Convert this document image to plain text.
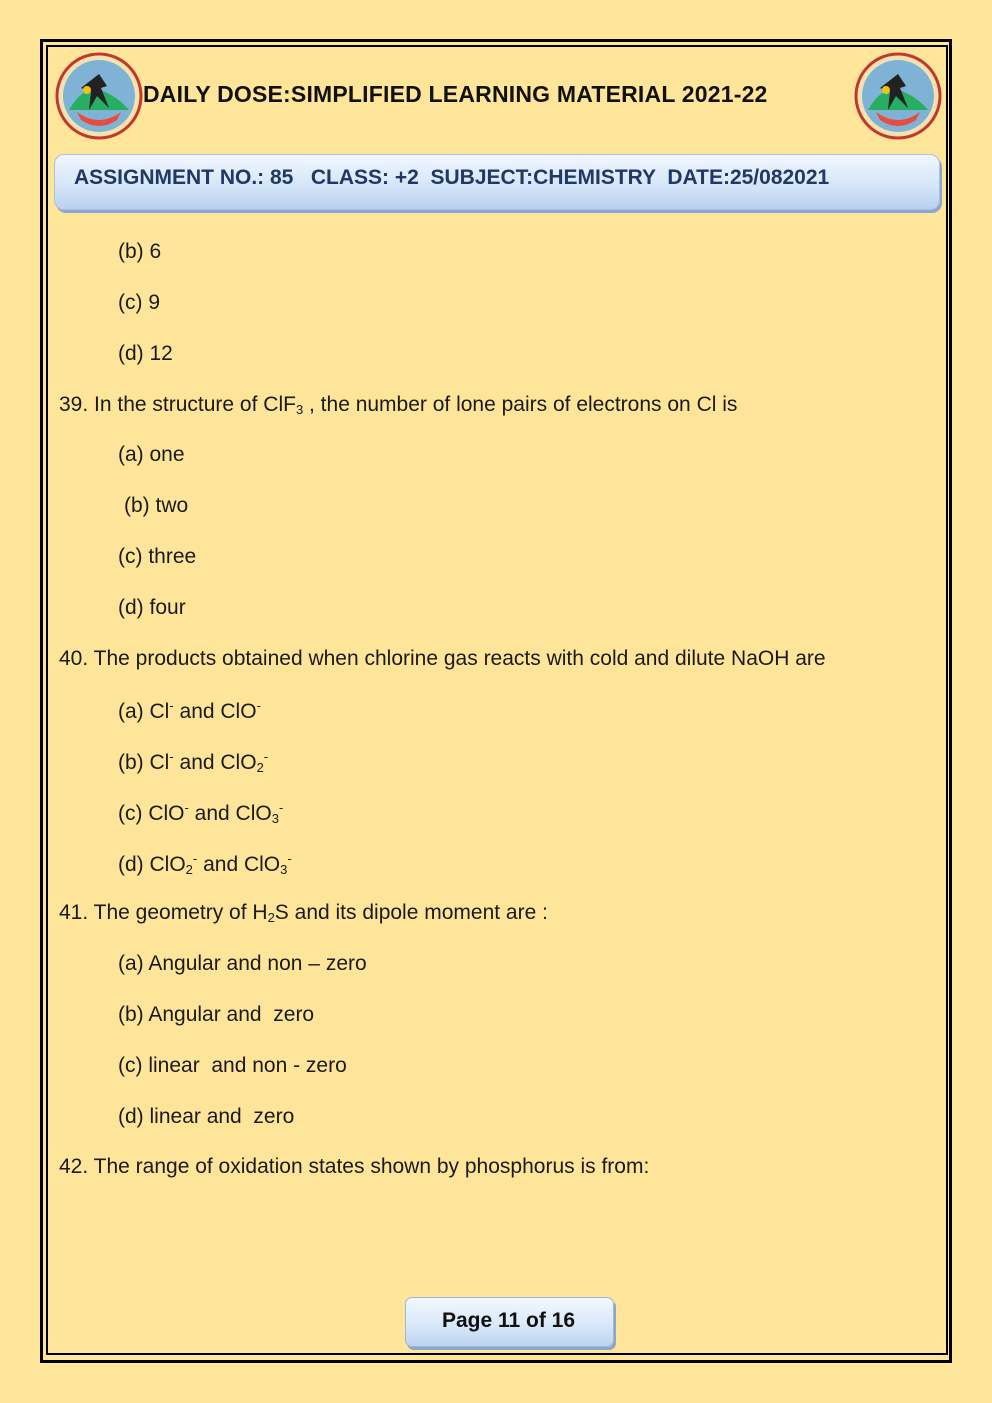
DAILY DOSE:SIMPLIFIED LEARNING MATERIAL 2021-22
ASSIGNMENT NO.: 85   CLASS: +2  SUBJECT:CHEMISTRY  DATE:25/082021
(b) 6
(c) 9
(d) 12
39. In the structure of ClF$_3$ , the number of lone pairs of electrons on Cl is
(a) one
(b) two
(c) three
(d) four
40. The products obtained when chlorine gas reacts with cold and dilute NaOH are
(a) Cl- and ClO-
(b) Cl- and ClO$_2$-
(c) ClO- and ClO$_3$-
(d) ClO$_2$- and ClO$_3$-
41. The geometry of $H_2S$ and its dipole moment are :
(a) Angular and non – zero
(b) Angular and  zero
(c) linear  and non - zero
(d) linear and  zero
42. The range of oxidation states shown by phosphorus is from:
Page 11 of 16
